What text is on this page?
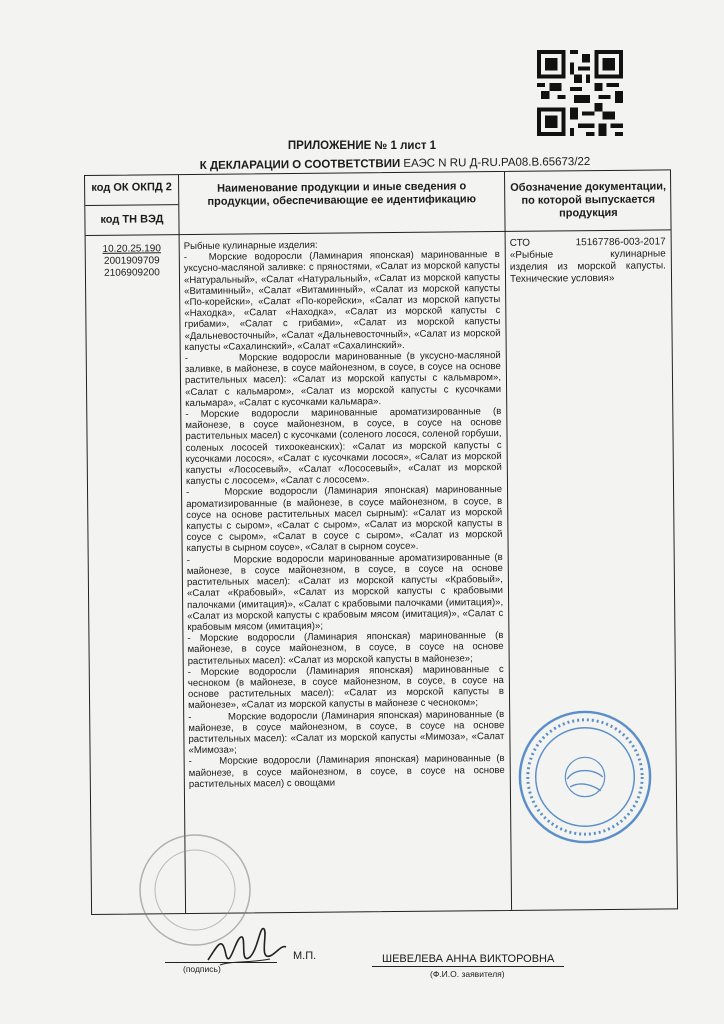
ПРИЛОЖЕНИЕ № 1 лист 1
К ДЕКЛАРАЦИИ О СООТВЕТСТВИИ ЕАЭС N RU Д-RU.PA08.B.65673/22
код ОК ОКПД 2
код ТН ВЭД
Наименование продукции и иные сведения о продукции, обеспечивающие ее идентификацию
Обозначение документации, по которой выпускается продукция
10.20.25.190
2001909709
2106909200
Рыбные кулинарные изделия:
-   Морские водоросли (Ламинария японская) маринованные в уксусно-масляной заливке: с пряностями, «Салат из морской капусты «Натуральный», «Салат «Натуральный», «Салат из морской капусты «Витаминный», «Салат «Витаминный», «Салат из морской капусты «По-корейски», «Салат «По-корейски», «Салат из морской капусты «Находка», «Салат «Находка», «Салат из морской капусты с грибами», «Салат с грибами», «Салат из морской капусты «Дальневосточный», «Салат «Дальневосточный», «Салат из морской капусты «Сахалинский», «Салат «Сахалинский».
-          Морские водоросли маринованные (в уксусно-масляной заливке, в майонезе, в соусе майонезном, в соусе, в соусе на основе растительных масел): «Салат из морской капусты с кальмаром», «Салат с кальмаром», «Салат из морской капусты с кусочками кальмара», «Салат с кусочками кальмара».
- Морские водоросли маринованные ароматизированные (в майонезе, в соусе майонезном, в соусе, в соусе на основе растительных масел) с кусочками (соленого лосося, соленой горбуши, соленых лососей тихоокеанских): «Салат из морской капусты с кусочками лосося», «Салат с кусочками лосося», «Салат из морской капусты «Лососевый», «Салат «Лососевый», «Салат из морской капусты с лососем», «Салат с лососем».
-     Морские водоросли (Ламинария японская) маринованные ароматизированные (в майонезе, в соусе майонезном, в соусе, в соусе на основе растительных масел сырным): «Салат из морской капусты с сыром», «Салат с сыром», «Салат из морской капусты в соусе с сыром», «Салат в соусе с сыром», «Салат из морской капусты в сырном соусе», «Салат в сырном соусе».
-          Морские водоросли маринованные ароматизированные (в майонезе, в соусе майонезном, в соусе, в соусе на основе растительных масел): «Салат из морской капусты «Крабовый», «Салат «Крабовый», «Салат из морской капусты с крабовыми палочками (имитация)», «Салат с крабовыми палочками (имитация)», «Салат из морской капусты с крабовым мясом (имитация)», «Салат с крабовым мясом (имитация)»;
- Морские водоросли (Ламинария японская) маринованные (в майонезе, в соусе майонезном, в соусе, в соусе на основе растительных масел): «Салат из морской капусты в майонезе»;
- Морские водоросли (Ламинария японская) маринованные с чесноком (в майонезе, в соусе майонезном, в соусе, в соусе на основе растительных масел): «Салат из морской капусты в майонезе», «Салат из морской капусты в майонезе с чесноком»;
-          Морские водоросли (Ламинария японская) маринованные (в майонезе, в соусе майонезном, в соусе, в соусе на основе растительных масел): «Салат из морской капусты «Мимоза», «Салат «Мимоза»;
-     Морские водоросли (Ламинария японская) маринованные (в майонезе, в соусе майонезном, в соусе, в соусе на основе растительных масел) с овощами
СТО        15167786-003-2017 «Рыбные           кулинарные изделия из морской капусты. Технические условия»
(подпись)
М.П.	ШЕВЕЛЕВА АННА ВИКТОРОВНА
(Ф.И.О. заявителя)
